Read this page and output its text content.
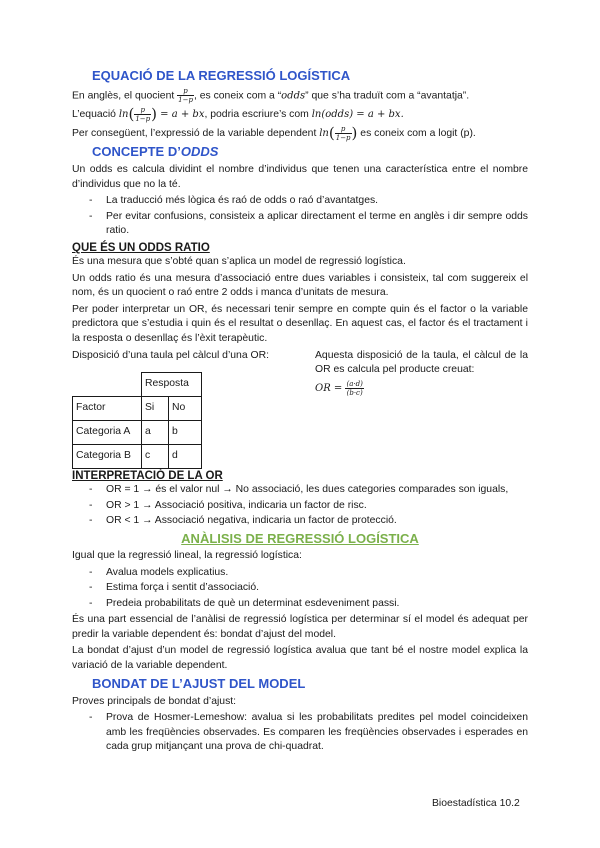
EQUACIÓ DE LA REGRESSIÓ LOGÍSTICA

En anglès, el quocient $\frac{p}{1-p}$ , es coneix com a “odds” que s’ha traduït com a “avantatja”.

L’equació $\ln( \frac{p}{1-p}$ ) = a + bx, podria escriure’s com ln(odds) = a + bx.

Per consegüent, l’expressió de la variable dependent $\ln( \frac{p}{1-p}$ ) es coneix com a logit (p).

CONCEPTE D’ODDS

Un odds es calcula dividint el nombre d’individus que tenen una característica entre el nombre d’individus que no la té.

- La traducció més lògica és raó de odds o raó d’avantatges.
- Per evitar confusions, consisteix a aplicar directament el terme en anglès i dir sempre odds ratio.
QUE ÉS UN ODDS RATIO

És una mesura que s’obté quan s’aplica un model de regressió logística.

Un odds ratio és una mesura d’associació entre dues variables i consisteix, tal com suggereix el nom, és un quocient o raó entre 2 odds i manca d’unitats de mesura.

Per poder interpretar un OR, és necessari tenir sempre en compte quin és el factor o la variable predictora que s’estudia i quin és el resultat o desenllaç. En aquest cas, el factor és el tractament i la resposta o desenllaç és l’èxit terapèutic.

Disposició d’una taula pel càlcul d’una OR:
	Resposta	
Factor	Si	No
Categoria A	a	b
Categoria B	c	d

Aquesta disposició de la taula, el càlcul de la OR es calcula pel producte creuat:

OR = $\frac{(a\cdot d)}{(b\cdot c)}$
INTERPRETACIÓ DE LA OR
- OR = 1 → és el valor nul → No associació, les dues categories comparades son iguals,
- OR > 1 → Associació positiva, indicaria un factor de risc.
- OR < 1 → Associació negativa, indicaria un factor de protecció.
ANÀLISIS DE REGRESSIÓ LOGÍSTICA

Igual que la regressió lineal, la regressió logística:

- Avalua models explicatius.
- Estima força i sentit d’associació.
- Predeia probabilitats de què un determinat esdeveniment passi.

És una part essencial de l’anàlisi de regressió logística per determinar sí el model és adequat per predir la variable dependent és: bondat d’ajust del model.

La bondat d’ajust d’un model de regressió logística avalua que tant bé el nostre model explica la variació de la variable dependent.

BONDAT DE L’AJUST DEL MODEL

Proves principals de bondat d’ajust:

- Prova de Hosmer-Lemeshow: avalua si les probabilitats predites pel model coincideixen amb les freqüències observades. Es comparen les freqüències observades i esperades en cada grup mitjançant una prova de chi-quadrat.
Bioestadística 10.2
